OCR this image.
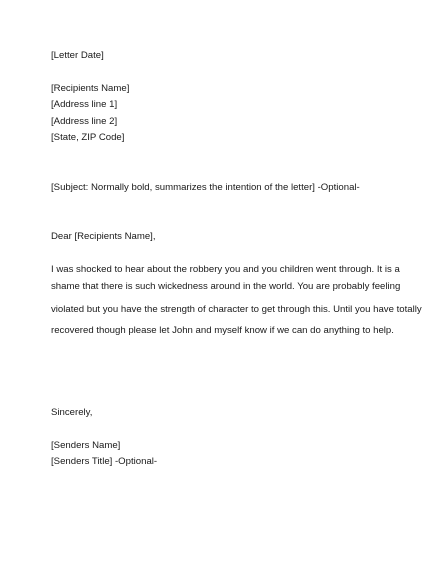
[Letter Date]
[Recipients Name]
[Address line 1]
[Address line 2]
[State, ZIP Code]
[Subject: Normally bold, summarizes the intention of the letter] -Optional-
Dear [Recipients Name],
I was shocked to hear about the robbery you and you children went through. It is a
shame that there is such wickedness around in the world. You are probably feeling
violated but you have the strength of character to get through this. Until you have totally
recovered though please let John and myself know if we can do anything to help.
Sincerely,
[Senders Name]
[Senders Title] -Optional-
